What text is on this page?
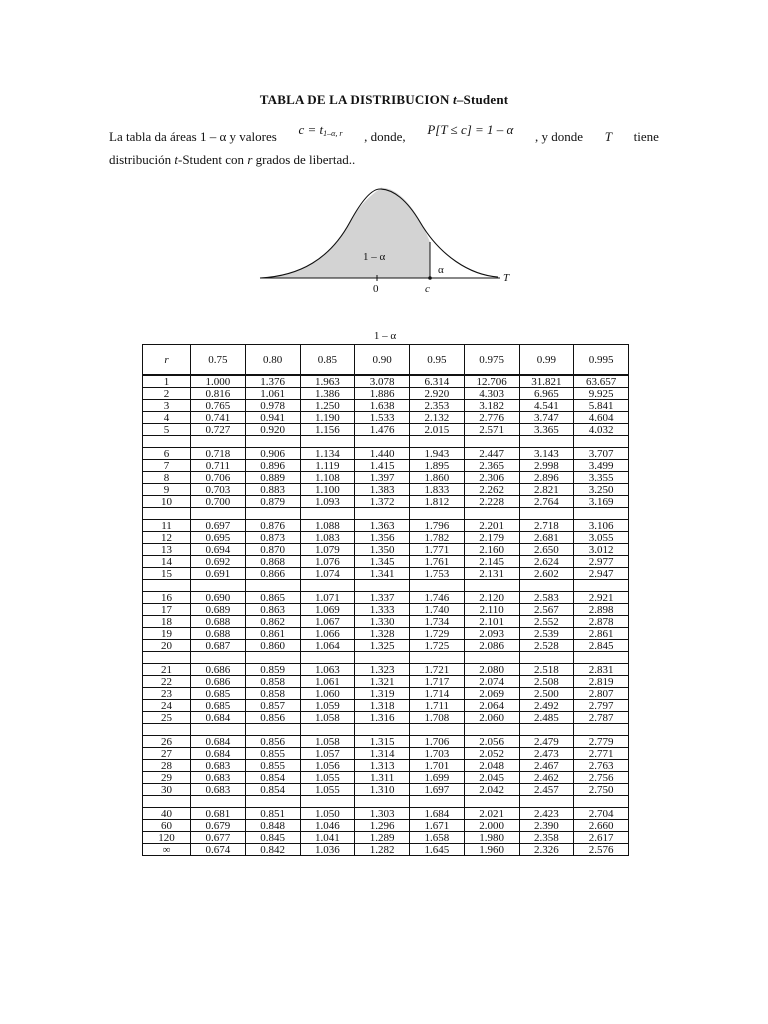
TABLA DE LA DISTRIBUCION t–Student
La tabla da áreas 1 – α y valores $c = t_{1-\alpha, r}$ , donde, P[T ≤ c] = 1 – α , y donde T tiene
distribución t-Student con r grados de libertad..
1 – α
α
0	c
T
1 – α
r	0.75	0.80	0.85	0.90	0.95	0.975	0.99	0.995
1	1.000	1.376	1.963	3.078	6.314	12.706	31.821	63.657
2	0.816	1.061	1.386	1.886	2.920	4.303	6.965	9.925
3	0.765	0.978	1.250	1.638	2.353	3.182	4.541	5.841
4	0.741	0.941	1.190	1.533	2.132	2.776	3.747	4.604
5	0.727	0.920	1.156	1.476	2.015	2.571	3.365	4.032

6	0.718	0.906	1.134	1.440	1.943	2.447	3.143	3.707
7	0.711	0.896	1.119	1.415	1.895	2.365	2.998	3.499
8	0.706	0.889	1.108	1.397	1.860	2.306	2.896	3.355
9	0.703	0.883	1.100	1.383	1.833	2.262	2.821	3.250
10	0.700	0.879	1.093	1.372	1.812	2.228	2.764	3.169

11	0.697	0.876	1.088	1.363	1.796	2.201	2.718	3.106
12	0.695	0.873	1.083	1.356	1.782	2.179	2.681	3.055
13	0.694	0.870	1.079	1.350	1.771	2.160	2.650	3.012
14	0.692	0.868	1.076	1.345	1.761	2.145	2.624	2.977
15	0.691	0.866	1.074	1.341	1.753	2.131	2.602	2.947

16	0.690	0.865	1.071	1.337	1.746	2.120	2.583	2.921
17	0.689	0.863	1.069	1.333	1.740	2.110	2.567	2.898
18	0.688	0.862	1.067	1.330	1.734	2.101	2.552	2.878
19	0.688	0.861	1.066	1.328	1.729	2.093	2.539	2.861
20	0.687	0.860	1.064	1.325	1.725	2.086	2.528	2.845

21	0.686	0.859	1.063	1.323	1.721	2.080	2.518	2.831
22	0.686	0.858	1.061	1.321	1.717	2.074	2.508	2.819
23	0.685	0.858	1.060	1.319	1.714	2.069	2.500	2.807
24	0.685	0.857	1.059	1.318	1.711	2.064	2.492	2.797
25	0.684	0.856	1.058	1.316	1.708	2.060	2.485	2.787

26	0.684	0.856	1.058	1.315	1.706	2.056	2.479	2.779
27	0.684	0.855	1.057	1.314	1.703	2.052	2.473	2.771
28	0.683	0.855	1.056	1.313	1.701	2.048	2.467	2.763
29	0.683	0.854	1.055	1.311	1.699	2.045	2.462	2.756
30	0.683	0.854	1.055	1.310	1.697	2.042	2.457	2.750

40	0.681	0.851	1.050	1.303	1.684	2.021	2.423	2.704
60	0.679	0.848	1.046	1.296	1.671	2.000	2.390	2.660
120	0.677	0.845	1.041	1.289	1.658	1.980	2.358	2.617
∞	0.674	0.842	1.036	1.282	1.645	1.960	2.326	2.576
